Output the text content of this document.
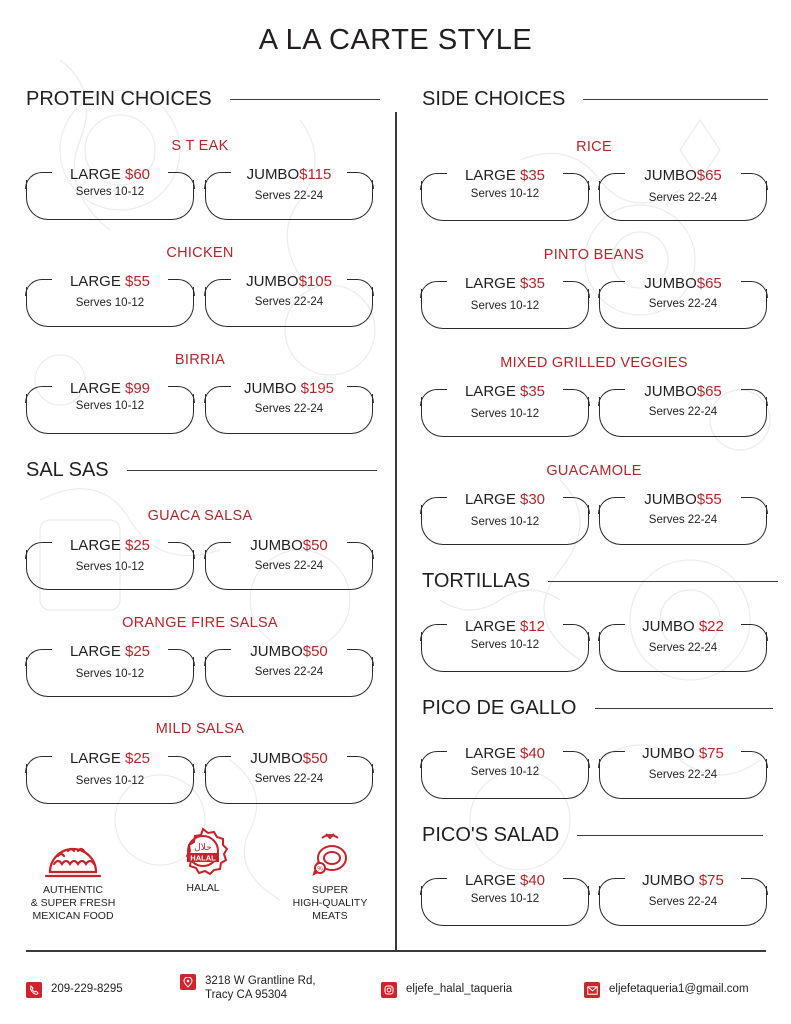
A LA CARTE STYLE
PROTEIN CHOICES
S T EAK
LARGE $60
Serves 10-12
JUMBO$115
Serves 22-24
CHICKEN
LARGE $55
Serves 10-12
JUMBO$105
Serves 22-24
BIRRIA
LARGE $99
Serves 10-12
JUMBO $195
Serves 22-24
SAL SAS
GUACA SALSA
LARGE $25
Serves 10-12
JUMBO$50
Serves 22-24
ORANGE FIRE SALSA
LARGE $25
Serves 10-12
JUMBO$50
Serves 22-24
MILD SALSA
LARGE $25
Serves 10-12
JUMBO$50
Serves 22-24
AUTHENTIC
& SUPER FRESH
MEXICAN FOOD
HALAL
حلال
HALAL
%
SUPER
HIGH-QUALITY
MEATS
SIDE CHOICES
RICE
LARGE $35
Serves 10-12
JUMBO$65
Serves 22-24
PINTO BEANS
LARGE $35
Serves 10-12
JUMBO$65
Serves 22-24
MIXED GRILLED VEGGIES
LARGE $35
Serves 10-12
JUMBO$65
Serves 22-24
GUACAMOLE
LARGE $30
Serves 10-12
JUMBO$55
Serves 22-24
TORTILLAS
LARGE $12
Serves 10-12
JUMBO $22
Serves 22-24
PICO DE GALLO
LARGE $40
Serves 10-12
JUMBO $75
Serves 22-24
PICO'S SALAD
LARGE $40
Serves 10-12
JUMBO $75
Serves 22-24
209-229-8295
3218 W Grantline Rd,
Tracy CA 95304	eljefe_halal_taqueria	eljefetaqueria1@gmail.com
